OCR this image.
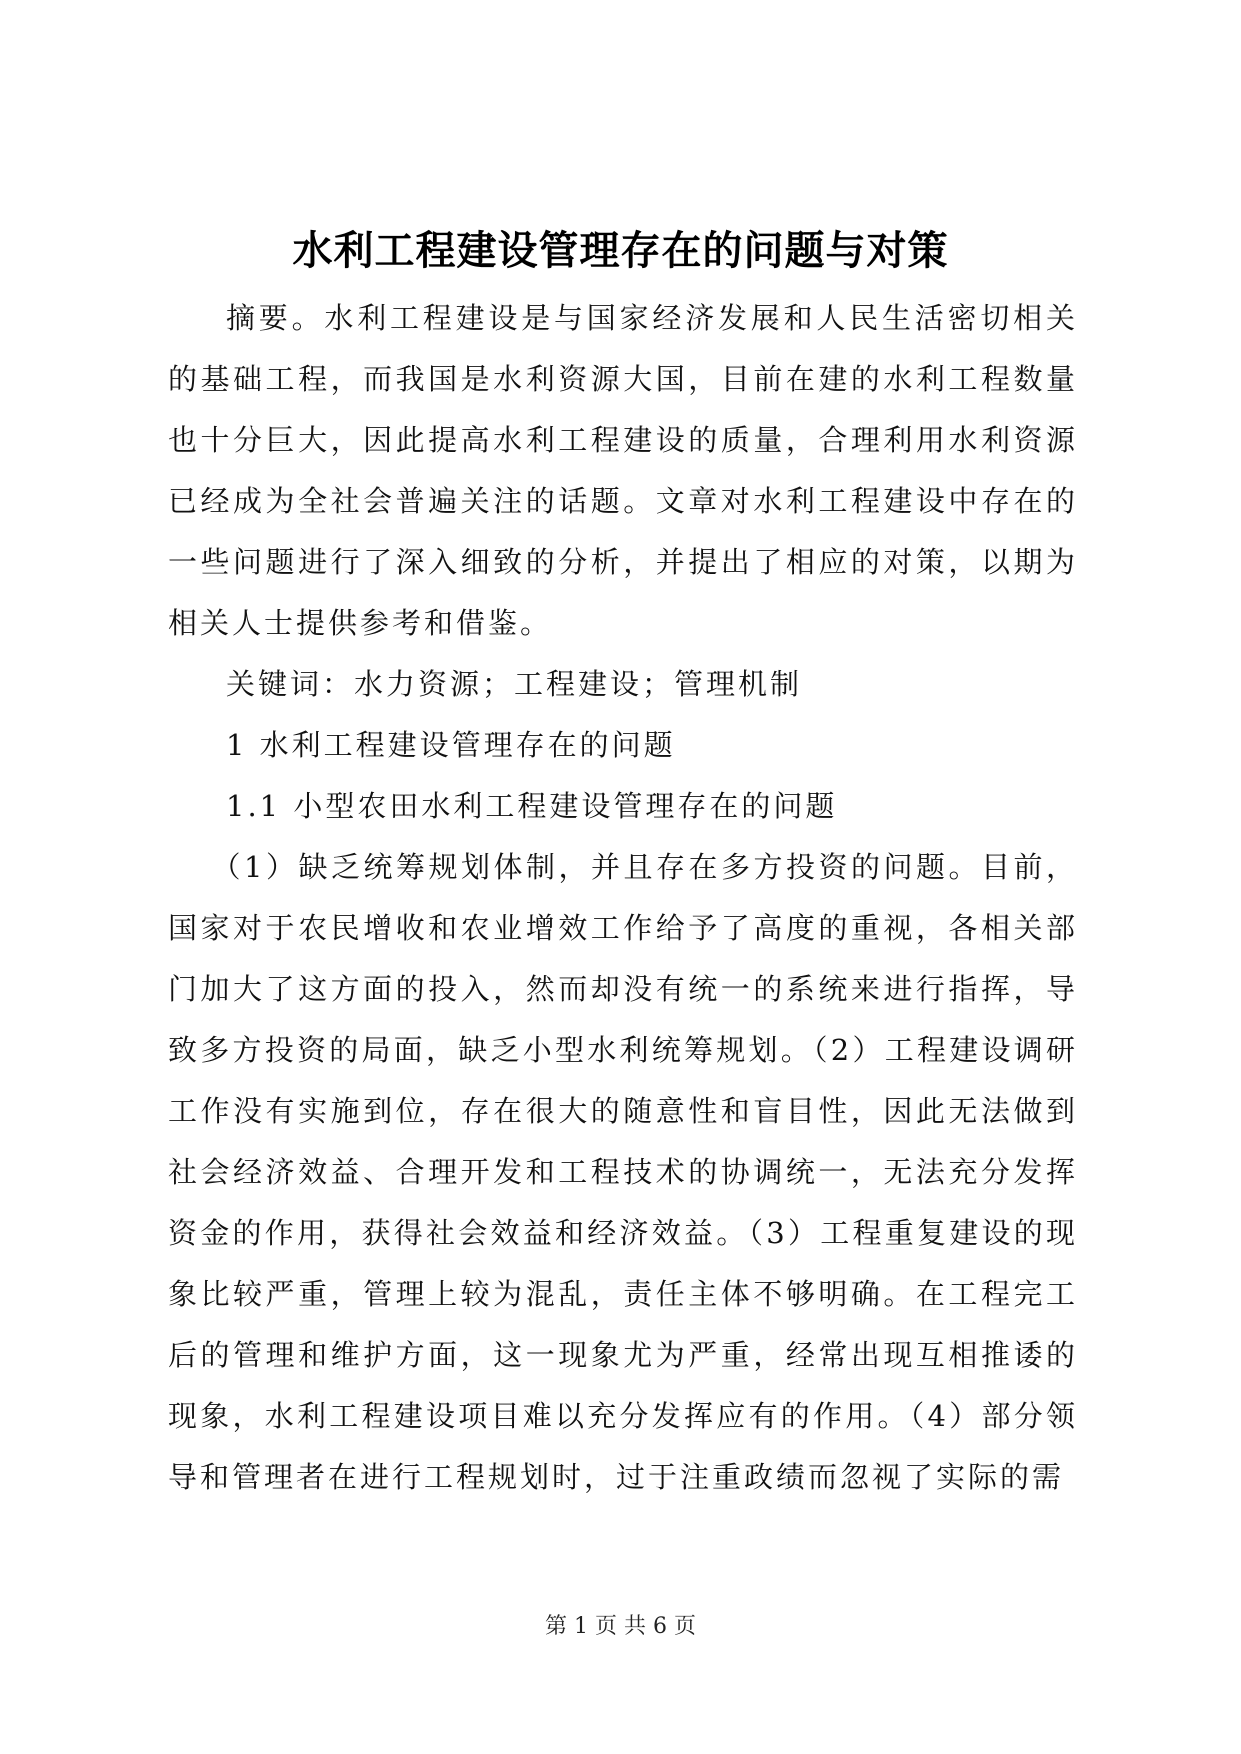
水利工程建设管理存在的问题与对策

摘要。水利工程建设是与国家经济发展和人民生活密切相关的基础工程，而我国是水利资源大国，目前在建的水利工程数量也十分巨大，因此提高水利工程建设的质量，合理利用水利资源已经成为全社会普遍关注的话题。文章对水利工程建设中存在的一些问题进行了深入细致的分析，并提出了相应的对策，以期为相关人士提供参考和借鉴。

关键词：水力资源；工程建设；管理机制

1 水利工程建设管理存在的问题

1.1 小型农田水利工程建设管理存在的问题

（1）缺乏统筹规划体制，并且存在多方投资的问题。目前，国家对于农民增收和农业增效工作给予了高度的重视，各相关部门加大了这方面的投入，然而却没有统一的系统来进行指挥，导致多方投资的局面，缺乏小型水利统筹规划。（2）工程建设调研工作没有实施到位，存在很大的随意性和盲目性，因此无法做到社会经济效益、合理开发和工程技术的协调统一，无法充分发挥资金的作用，获得社会效益和经济效益。（3）工程重复建设的现象比较严重，管理上较为混乱，责任主体不够明确。在工程完工后的管理和维护方面，这一现象尤为严重，经常出现互相推诿的现象，水利工程建设项目难以充分发挥应有的作用。（4）部分领导和管理者在进行工程规划时，过于注重政绩而忽视了实际的需

第 1 页 共 6 页
